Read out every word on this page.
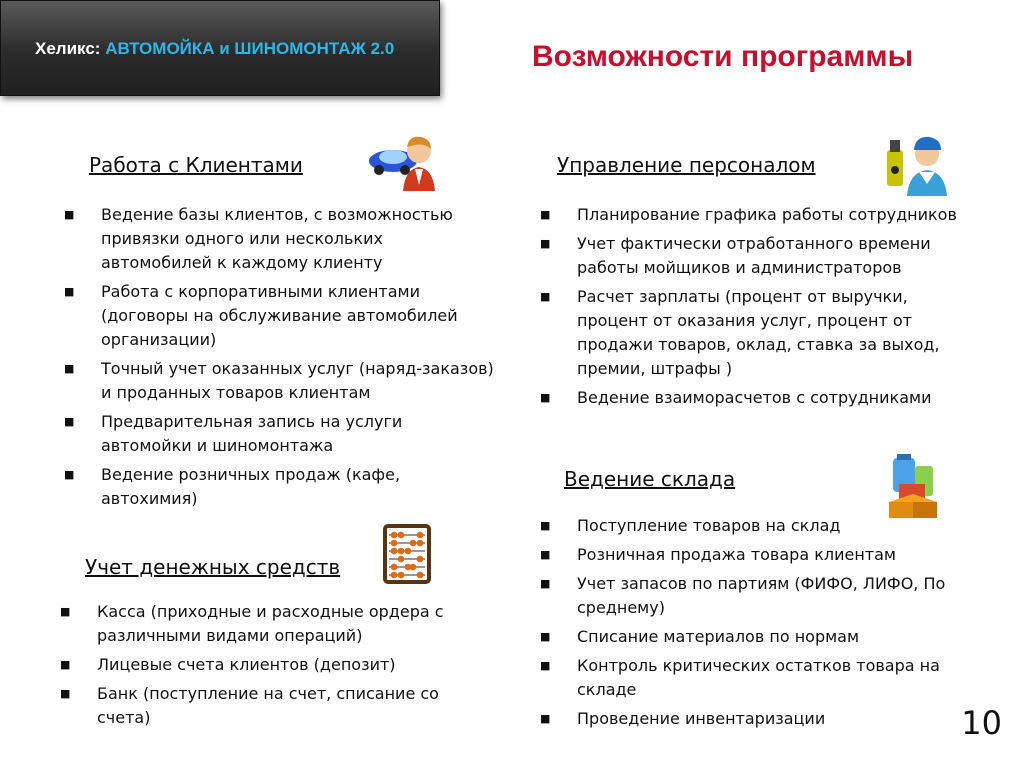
Хеликс: АВТОМОЙКА и ШИНОМОНТАЖ 2.0	Возможности программы
Работа с Клиентами
■ Ведение базы клиентов, с возможностью привязки одного или нескольких автомобилей к каждому клиенту
■ Работа с корпоративными клиентами (договоры на обслуживание автомобилей организации)
■ Точный учет оказанных услуг (наряд-заказов) и проданных товаров клиентам
■ Предварительная запись на услуги автомойки и шиномонтажа
■ Ведение розничных продаж (кафе, автохимия)
Учет денежных средств
■ Касса (приходные и расходные ордера с различными видами операций)
■ Лицевые счета клиентов (депозит)
■ Банк (поступление на счет, списание со счета)
Управление персоналом
■ Планирование графика работы сотрудников
■ Учет фактически отработанного времени работы мойщиков и администраторов
■ Расчет зарплаты (процент от выручки, процент от оказания услуг, процент от продажи товаров, оклад, ставка за выход, премии, штрафы )
■ Ведение взаиморасчетов с сотрудниками
Ведение склада
■ Поступление товаров на склад
■ Розничная продажа товара клиентам
■ Учет запасов по партиям (ФИФО, ЛИФО, По среднему)
■ Списание материалов по нормам
■ Контроль критических остатков товара на складе
■ Проведение инвентаризации	10
